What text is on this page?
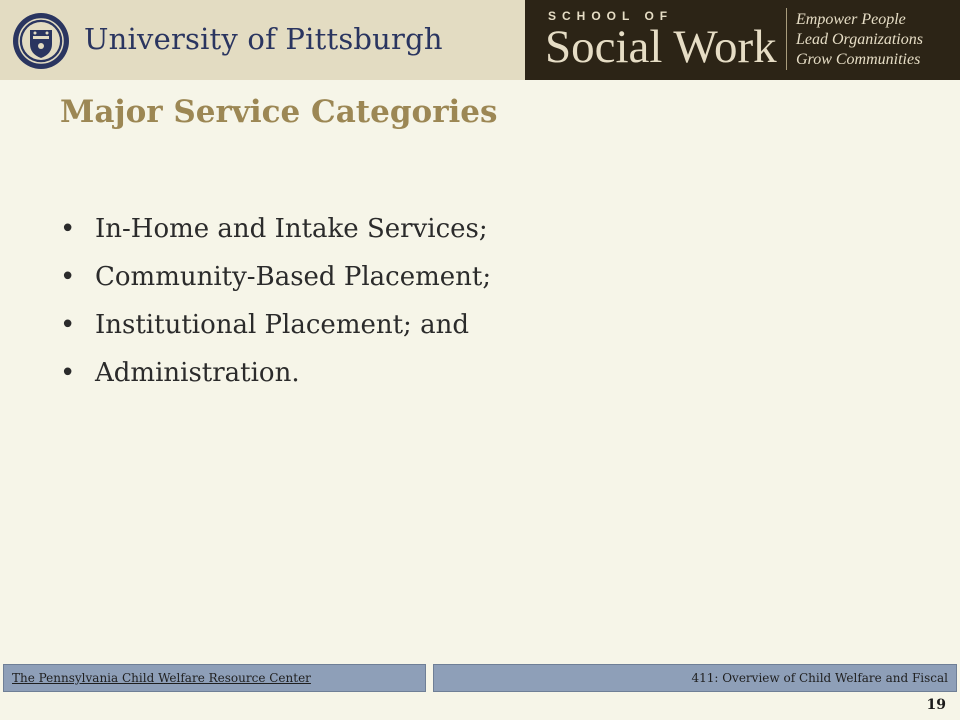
University of Pittsburgh
SCHOOL OF
Social Work
Empower People
Lead Organizations
Grow Communities
Major Service Categories
• In-Home and Intake Services;
• Community-Based Placement;
• Institutional Placement; and
• Administration.
The Pennsylvania Child Welfare Resource Center	411: Overview of Child Welfare and Fiscal
19
